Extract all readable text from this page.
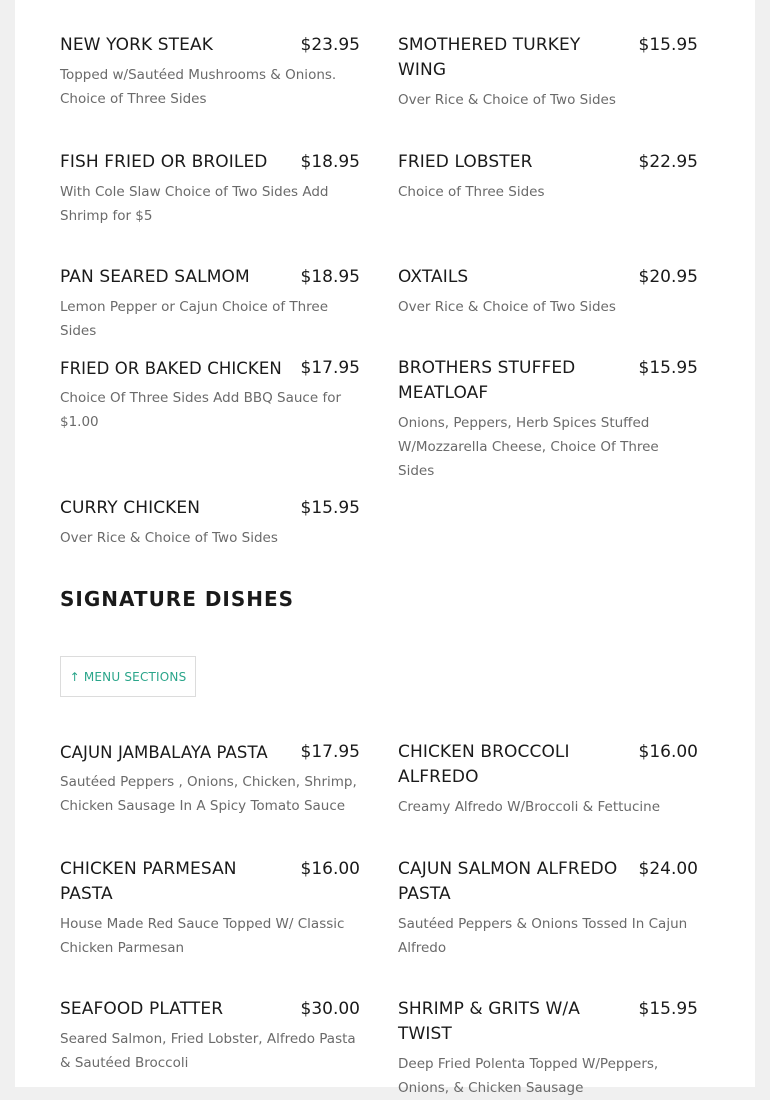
NEW YORK STEAK	$23.95
Topped w/Sautéed Mushrooms & Onions. Choice of Three Sides
SMOTHERED TURKEY WING
$15.95
Over Rice & Choice of Two Sides
FISH FRIED OR BROILED	$18.95
With Cole Slaw Choice of Two Sides Add Shrimp for $5
FRIED LOBSTER	$22.95
Choice of Three Sides
PAN SEARED SALMOM	$18.95
Lemon Pepper or Cajun Choice of Three Sides
OXTAILS	$20.95
Over Rice & Choice of Two Sides
FRIED OR BAKED CHICKEN	$17.95
Choice Of Three Sides Add BBQ Sauce for $1.00
BROTHERS STUFFED MEATLOAF
$15.95
Onions, Peppers, Herb Spices Stuffed W/Mozzarella Cheese, Choice Of Three Sides
CURRY CHICKEN	$15.95
Over Rice & Choice of Two Sides
SIGNATURE DISHES
↑ MENU SECTIONS
CAJUN JAMBALAYA PASTA	$17.95
Sautéed Peppers , Onions, Chicken, Shrimp, Chicken Sausage In A Spicy Tomato Sauce
CHICKEN BROCCOLI ALFREDO
$16.00
Creamy Alfredo W/Broccoli & Fettucine
CHICKEN PARMESAN PASTA
$16.00
House Made Red Sauce Topped W/ Classic Chicken Parmesan
CAJUN SALMON ALFREDO PASTA
$24.00
Sautéed Peppers & Onions Tossed In Cajun Alfredo
SEAFOOD PLATTER	$30.00
Seared Salmon, Fried Lobster, Alfredo Pasta & Sautéed Broccoli
SHRIMP & GRITS W/A TWIST
$15.95
Deep Fried Polenta Topped W/Peppers, Onions, & Chicken Sausage
